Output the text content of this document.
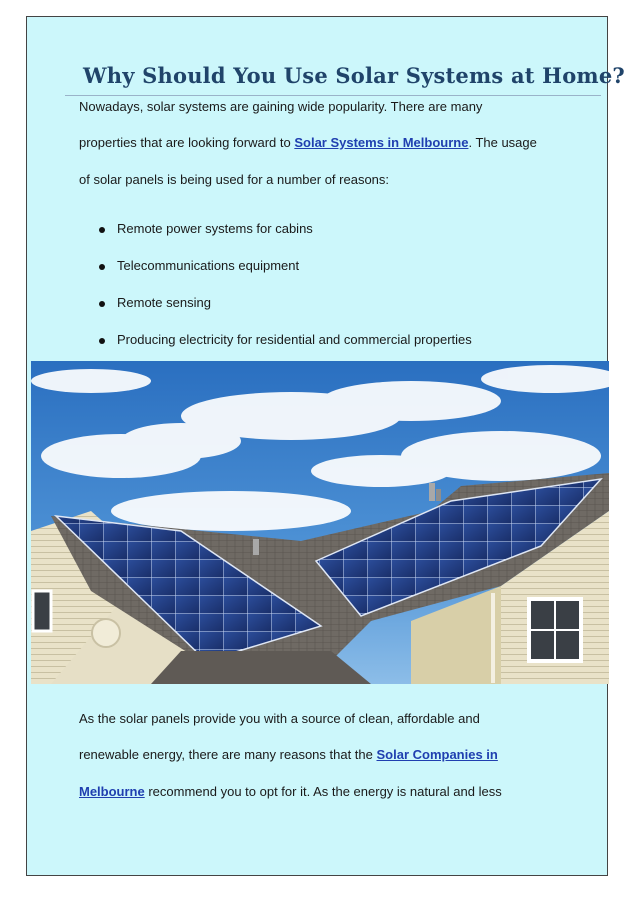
Why Should You Use Solar Systems at Home?
Nowadays, solar systems are gaining wide popularity. There are many
properties that are looking forward to Solar Systems in Melbourne. The usage
of solar panels is being used for a number of reasons:
Remote power systems for cabins
Telecommunications equipment
Remote sensing
Producing electricity for residential and commercial properties
As the solar panels provide you with a source of clean, affordable and
renewable energy, there are many reasons that the Solar Companies in
Melbourne recommend you to opt for it. As the energy is natural and less
